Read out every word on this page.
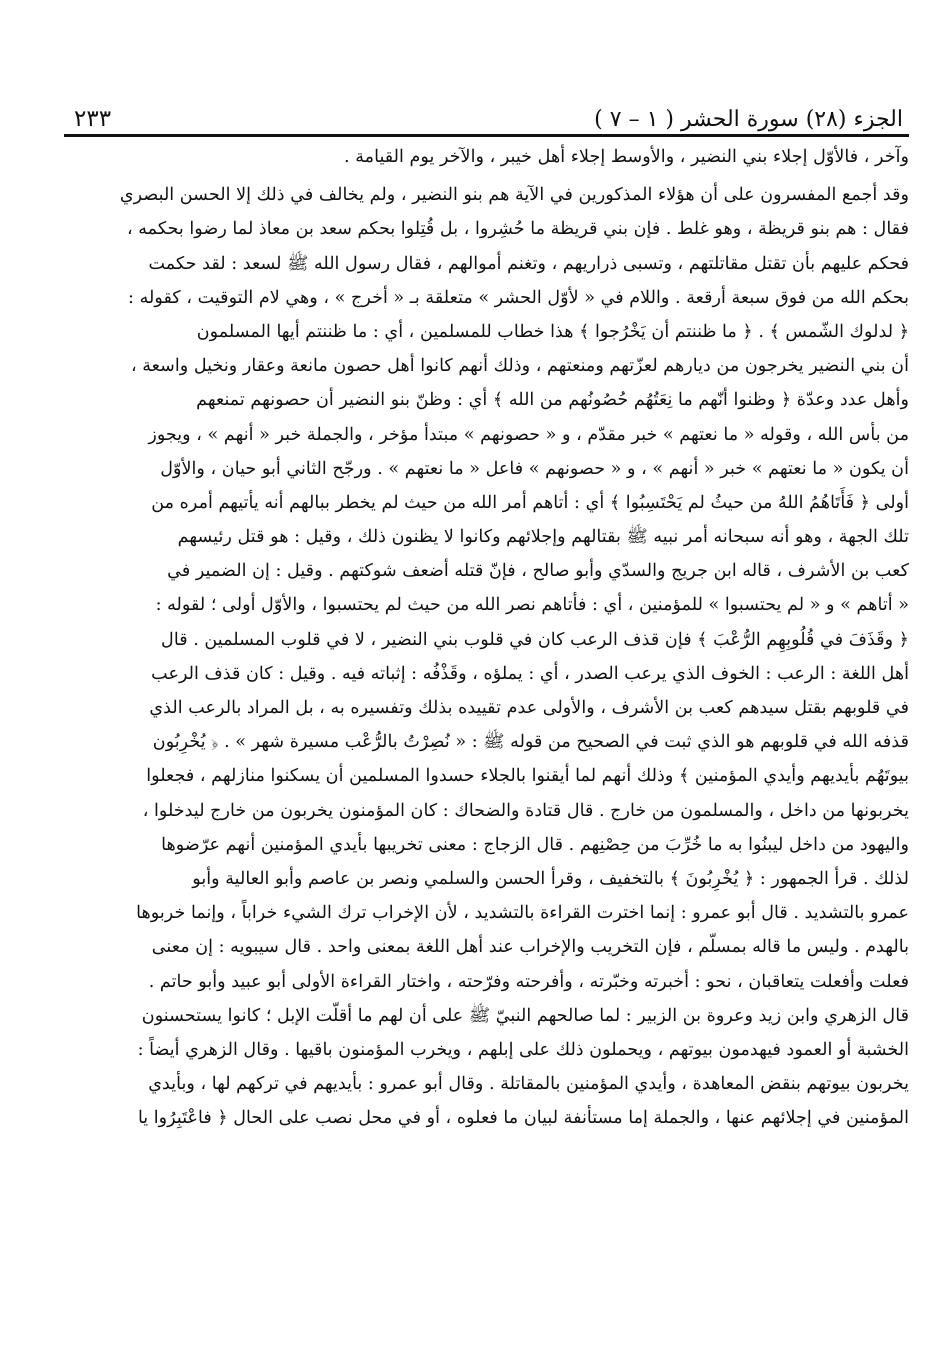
الجزء (٢٨) سورة الحشر ( ١ – ٧ )
٢٣٣
وآخر ، فالأوّل إجلاء بني النضير ، والأوسط إجلاء أهل خيبر ، والآخر يوم القيامة .
وقد أجمع المفسرون على أن هؤلاء المذكورين في الآية هم بنو النضير ، ولم يخالف في ذلك إلا الحسن البصري
فقال : هم بنو قريظة ، وهو غلط . فإن بني قريظة ما حُشِروا ، بل قُتِلوا بحكم سعد بن معاذ لما رضوا بحكمه ،
فحكم عليهم بأن تقتل مقاتلتهم ، وتسبى ذراريهم ، وتغنم أموالهم ، فقال رسول الله ﷺ لسعد : لقد حكمت
بحكم الله من فوق سبعة أرقعة . واللام في « لأوّل الحشر » متعلقة بـ « أخرج » ، وهي لام التوقيت ، كقوله :
﴿ لدلوك الشّمس ﴾ . ﴿ ما ظننتم أن يَخْرُجوا ﴾ هذا خطاب للمسلمين ، أي : ما ظننتم أيها المسلمون
أن بني النضير يخرجون من ديارهم لعزّتهم ومنعتهم ، وذلك أنهم كانوا أهل حصون مانعة وعقار ونخيل واسعة ،
وأهل عدد وعدّة ﴿ وظنوا أنّهم ما نِعَتُهُم حُصُونُهم من الله ﴾ أي : وظنّ بنو النضير أن حصونهم تمنعهم
من بأس الله ، وقوله « ما نعتهم » خبر مقدّم ، و « حصونهم » مبتدأ مؤخر ، والجملة خبر « أنهم » ، ويجوز
أن يكون « ما نعتهم » خبر « أنهم » ، و « حصونهم » فاعل « ما نعتهم » . ورجّح الثاني أبو حيان ، والأوّل
أولى ﴿ فَأَتَاهُمُ اللهُ من حيثُ لم يَحْتَسِبُوا ﴾ أي : أتاهم أمر الله من حيث لم يخطر ببالهم أنه يأتيهم أمره من
تلك الجهة ، وهو أنه سبحانه أمر نبيه ﷺ بقتالهم وإجلائهم وكانوا لا يظنون ذلك ، وقيل : هو قتل رئيسهم
كعب بن الأشرف ، قاله ابن جريج والسدّي وأبو صالح ، فإنّ قتله أضعف شوكتهم . وقيل : إن الضمير في
« أتاهم » و « لم يحتسبوا » للمؤمنين ، أي : فأتاهم نصر الله من حيث لم يحتسبوا ، والأوّل أولى ؛ لقوله :
﴿ وقَذَفَ في قُلُوبِهِم الرُّعْبَ ﴾ فإن قذف الرعب كان في قلوب بني النضير ، لا في قلوب المسلمين . قال
أهل اللغة : الرعب : الخوف الذي يرعب الصدر ، أي : يملؤه ، وقَذْفُه : إثباته فيه . وقيل : كان قذف الرعب
في قلوبهم بقتل سيدهم كعب بن الأشرف ، والأولى عدم تقييده بذلك وتفسيره به ، بل المراد بالرعب الذي
قذفه الله في قلوبهم هو الذي ثبت في الصحيح من قوله ﷺ : « نُصِرْتُ بالرُّعْب مسيرة شهر » . ﴿ يُخْرِبُون
بيوتَهُم بأيديهم وأيدي المؤمنين ﴾ وذلك أنهم لما أيقنوا بالجلاء حسدوا المسلمين أن يسكنوا منازلهم ، فجعلوا
يخربونها من داخل ، والمسلمون من خارج . قال قتادة والضحاك : كان المؤمنون يخربون من خارج ليدخلوا ،
واليهود من داخل ليبنُوا به ما خُرِّبَ من حِصْنِهم . قال الزجاج : معنى تخريبها بأيدي المؤمنين أنهم عرّضوها
لذلك . قرأ الجمهور : ﴿ يُخْرِبُونَ ﴾ بالتخفيف ، وقرأ الحسن والسلمي ونصر بن عاصم وأبو العالية وأبو
عمرو بالتشديد . قال أبو عمرو : إنما اخترت القراءة بالتشديد ، لأن الإخراب ترك الشيء خراباً ، وإنما خربوها
بالهدم . وليس ما قاله بمسلّم ، فإن التخريب والإخراب عند أهل اللغة بمعنى واحد . قال سيبويه : إن معنى
فعلت وأفعلت يتعاقبان ، نحو : أخبرته وخبّرته ، وأفرحته وفرّحته ، واختار القراءة الأولى أبو عبيد وأبو حاتم .
قال الزهري وابن زيد وعروة بن الزبير : لما صالحهم النبيّ ﷺ على أن لهم ما أقلّت الإبل ؛ كانوا يستحسنون
الخشبة أو العمود فيهدمون بيوتهم ، ويحملون ذلك على إبلهم ، ويخرب المؤمنون باقيها . وقال الزهري أيضاً :
يخربون بيوتهم بنقض المعاهدة ، وأيدي المؤمنين بالمقاتلة . وقال أبو عمرو : بأيديهم في تركهم لها ، وبأيدي
المؤمنين في إجلائهم عنها ، والجملة إما مستأنفة لبيان ما فعلوه ، أو في محل نصب على الحال ﴿ فاعْتَبِرُوا يا
